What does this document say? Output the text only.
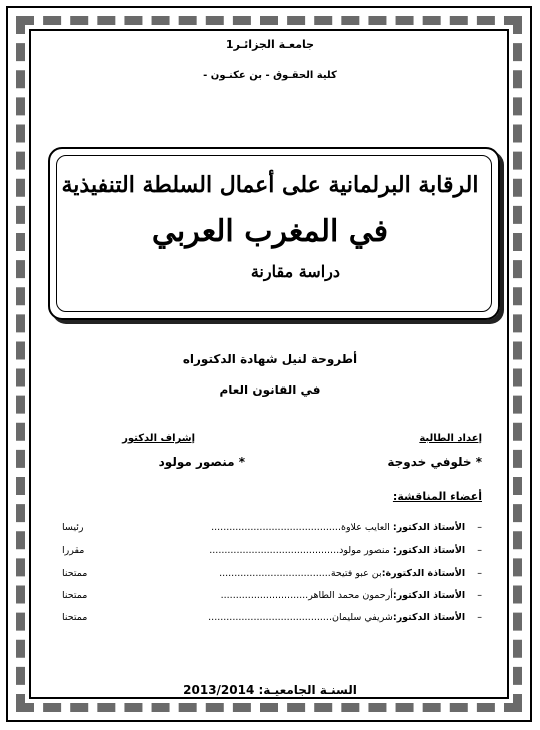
جامعـة الجزائـر1
كلية الحقـوق - بن عكنـون -
الرقابة البرلمانية على أعمال السلطة التنفيذية
في المغرب العربي
دراسة مقارنة
أطروحة لنيل شهادة الدكتوراه
في القانون العام
إعداد الطالبة
* خلوفي خدوجة
إشراف الدكتور
* منصور مولود
أعضاء المناقشة:
–    الأستاذ الدكتور: العايب علاوة...........................................
رئيسا
–    الأستاذ الدكتور: منصور مولود...........................................
مقررا
–    الأستاذة الدكتورة:بن عبو فتيحة.....................................
ممتحنا
–    الأستاذ الدكتور:أرحمون محمد الطاهر.............................
ممتحنا
–    الأستاذ الدكتور:شريفي سليمان.........................................
ممتحنا
السنـة الجامعيـة: 2013/2014
